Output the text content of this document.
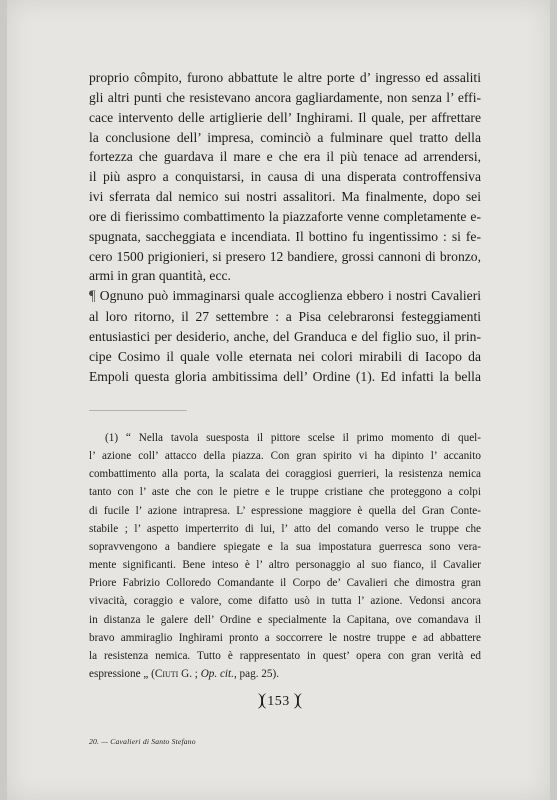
proprio cômpito, furono abbattute le altre porte d’ ingresso ed assaliti
gli altri punti che resistevano ancora gagliardamente, non senza l’ effi-
cace intervento delle artiglierie dell’ Inghirami. Il quale, per affrettare
la conclusione dell’ impresa, cominciò a fulminare quel tratto della
fortezza che guardava il mare e che era il più tenace ad arrendersi,
il più aspro a conquistarsi, in causa di una disperata controffensiva
ivi sferrata dal nemico sui nostri assalitori. Ma finalmente, dopo sei
ore di fierissimo combattimento la piazzaforte venne completamente e-
spugnata, saccheggiata e incendiata. Il bottino fu ingentissimo : si fe-
cero 1500 prigionieri, si presero 12 bandiere, grossi cannoni di bronzo,
armi in gran quantità, ecc.
¶ Ognuno può immaginarsi quale accoglienza ebbero i nostri Cavalieri
al loro ritorno, il 27 settembre : a Pisa celebraronsi festeggiamenti
entusiastici per desiderio, anche, del Granduca e del figlio suo, il prin-
cipe Cosimo il quale volle eternata nei colori mirabili di Iacopo da
Empoli questa gloria ambitissima dell’ Ordine (1). Ed infatti la bella
(1) “ Nella tavola suesposta il pittore scelse il primo momento di quel-
l’ azione coll’ attacco della piazza. Con gran spirito vi ha dipinto l’ accanito
combattimento alla porta, la scalata dei coraggiosi guerrieri, la resistenza nemica
tanto con l’ aste che con le pietre e le truppe cristiane che proteggono a colpi
di fucile l’ azione intrapresa. L’ espressione maggiore è quella del Gran Conte-
stabile ; l’ aspetto imperterrito di lui, l’ atto del comando verso le truppe che
sopravvengono a bandiere spiegate e la sua impostatura guerresca sono vera-
mente significanti. Bene inteso è l’ altro personaggio al suo fianco, il Cavalier
Priore Fabrizio Colloredo Comandante il Corpo de’ Cavalieri che dimostra gran
vivacità, coraggio e valore, come difatto usò in tutta l’ azione. Vedonsi ancora
in distanza le galere dell’ Ordine e specialmente la Capitana, ove comandava il
bravo ammiraglio Inghirami pronto a soccorrere le nostre truppe e ad abbattere
la resistenza nemica. Tutto è rappresentato in quest’ opera con gran verità ed
espressione „ (Ciuti G. ; Op. cit., pag. 25).
)( 153 )(
20. — Cavalieri di Santo Stefano
